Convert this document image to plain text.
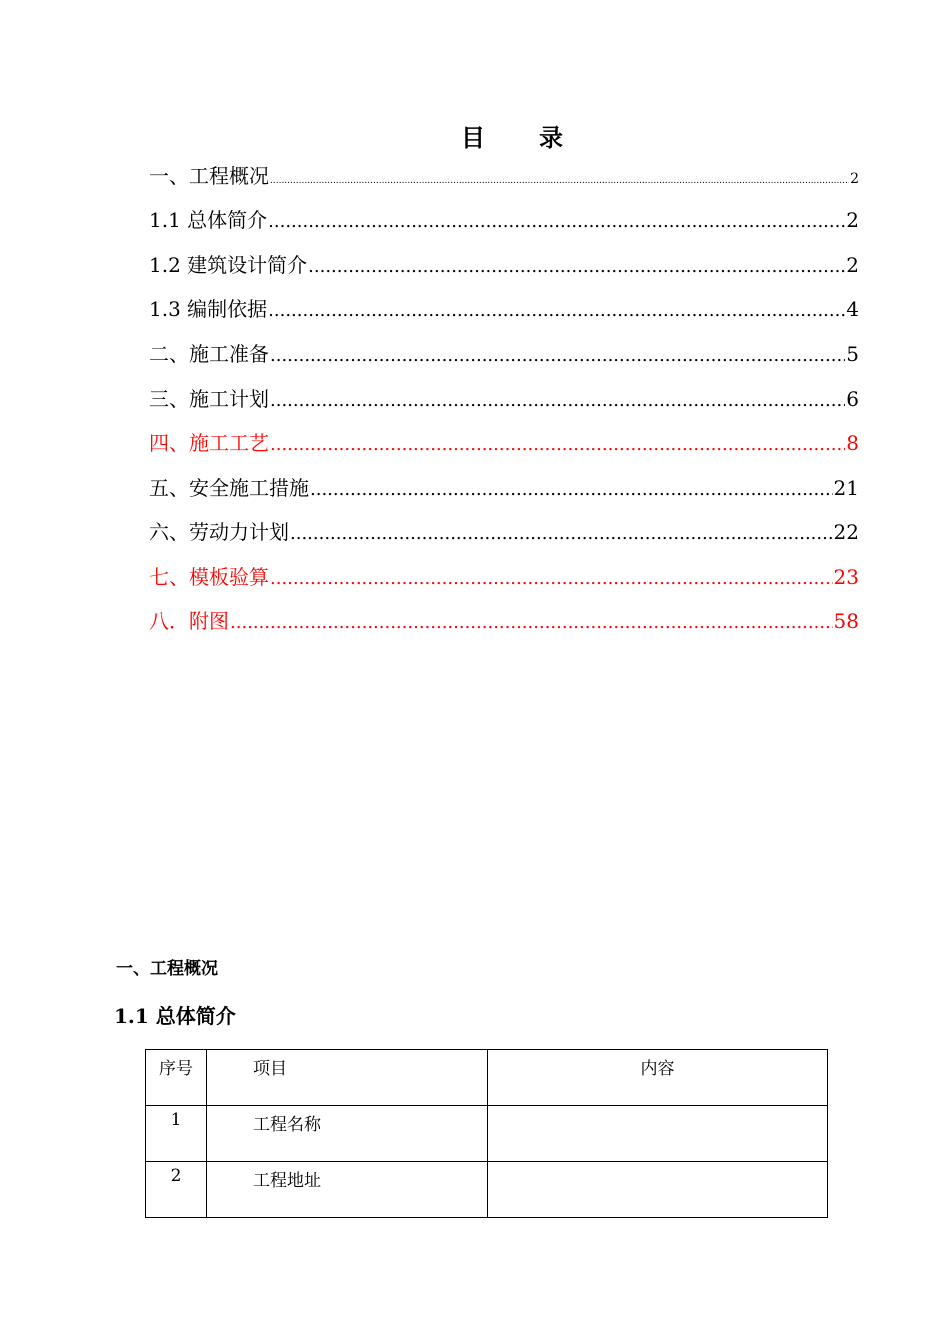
目 录
一、工程概况 .....	2
1.1 总体简介 .....	2
1.2 建筑设计简介 .....	2
1.3 编制依据 .....	4
二、施工准备 .....	5
三、施工计划 .....	6
四、施工工艺 .....	8
五、安全施工措施 .....	21
六、劳动力计划 .....	22
七、模板验算 .....	23
八．附图 .....	58
一、工程概况
1.1 总体简介
序号	项目	内容
1	工程名称	
2	工程地址	
